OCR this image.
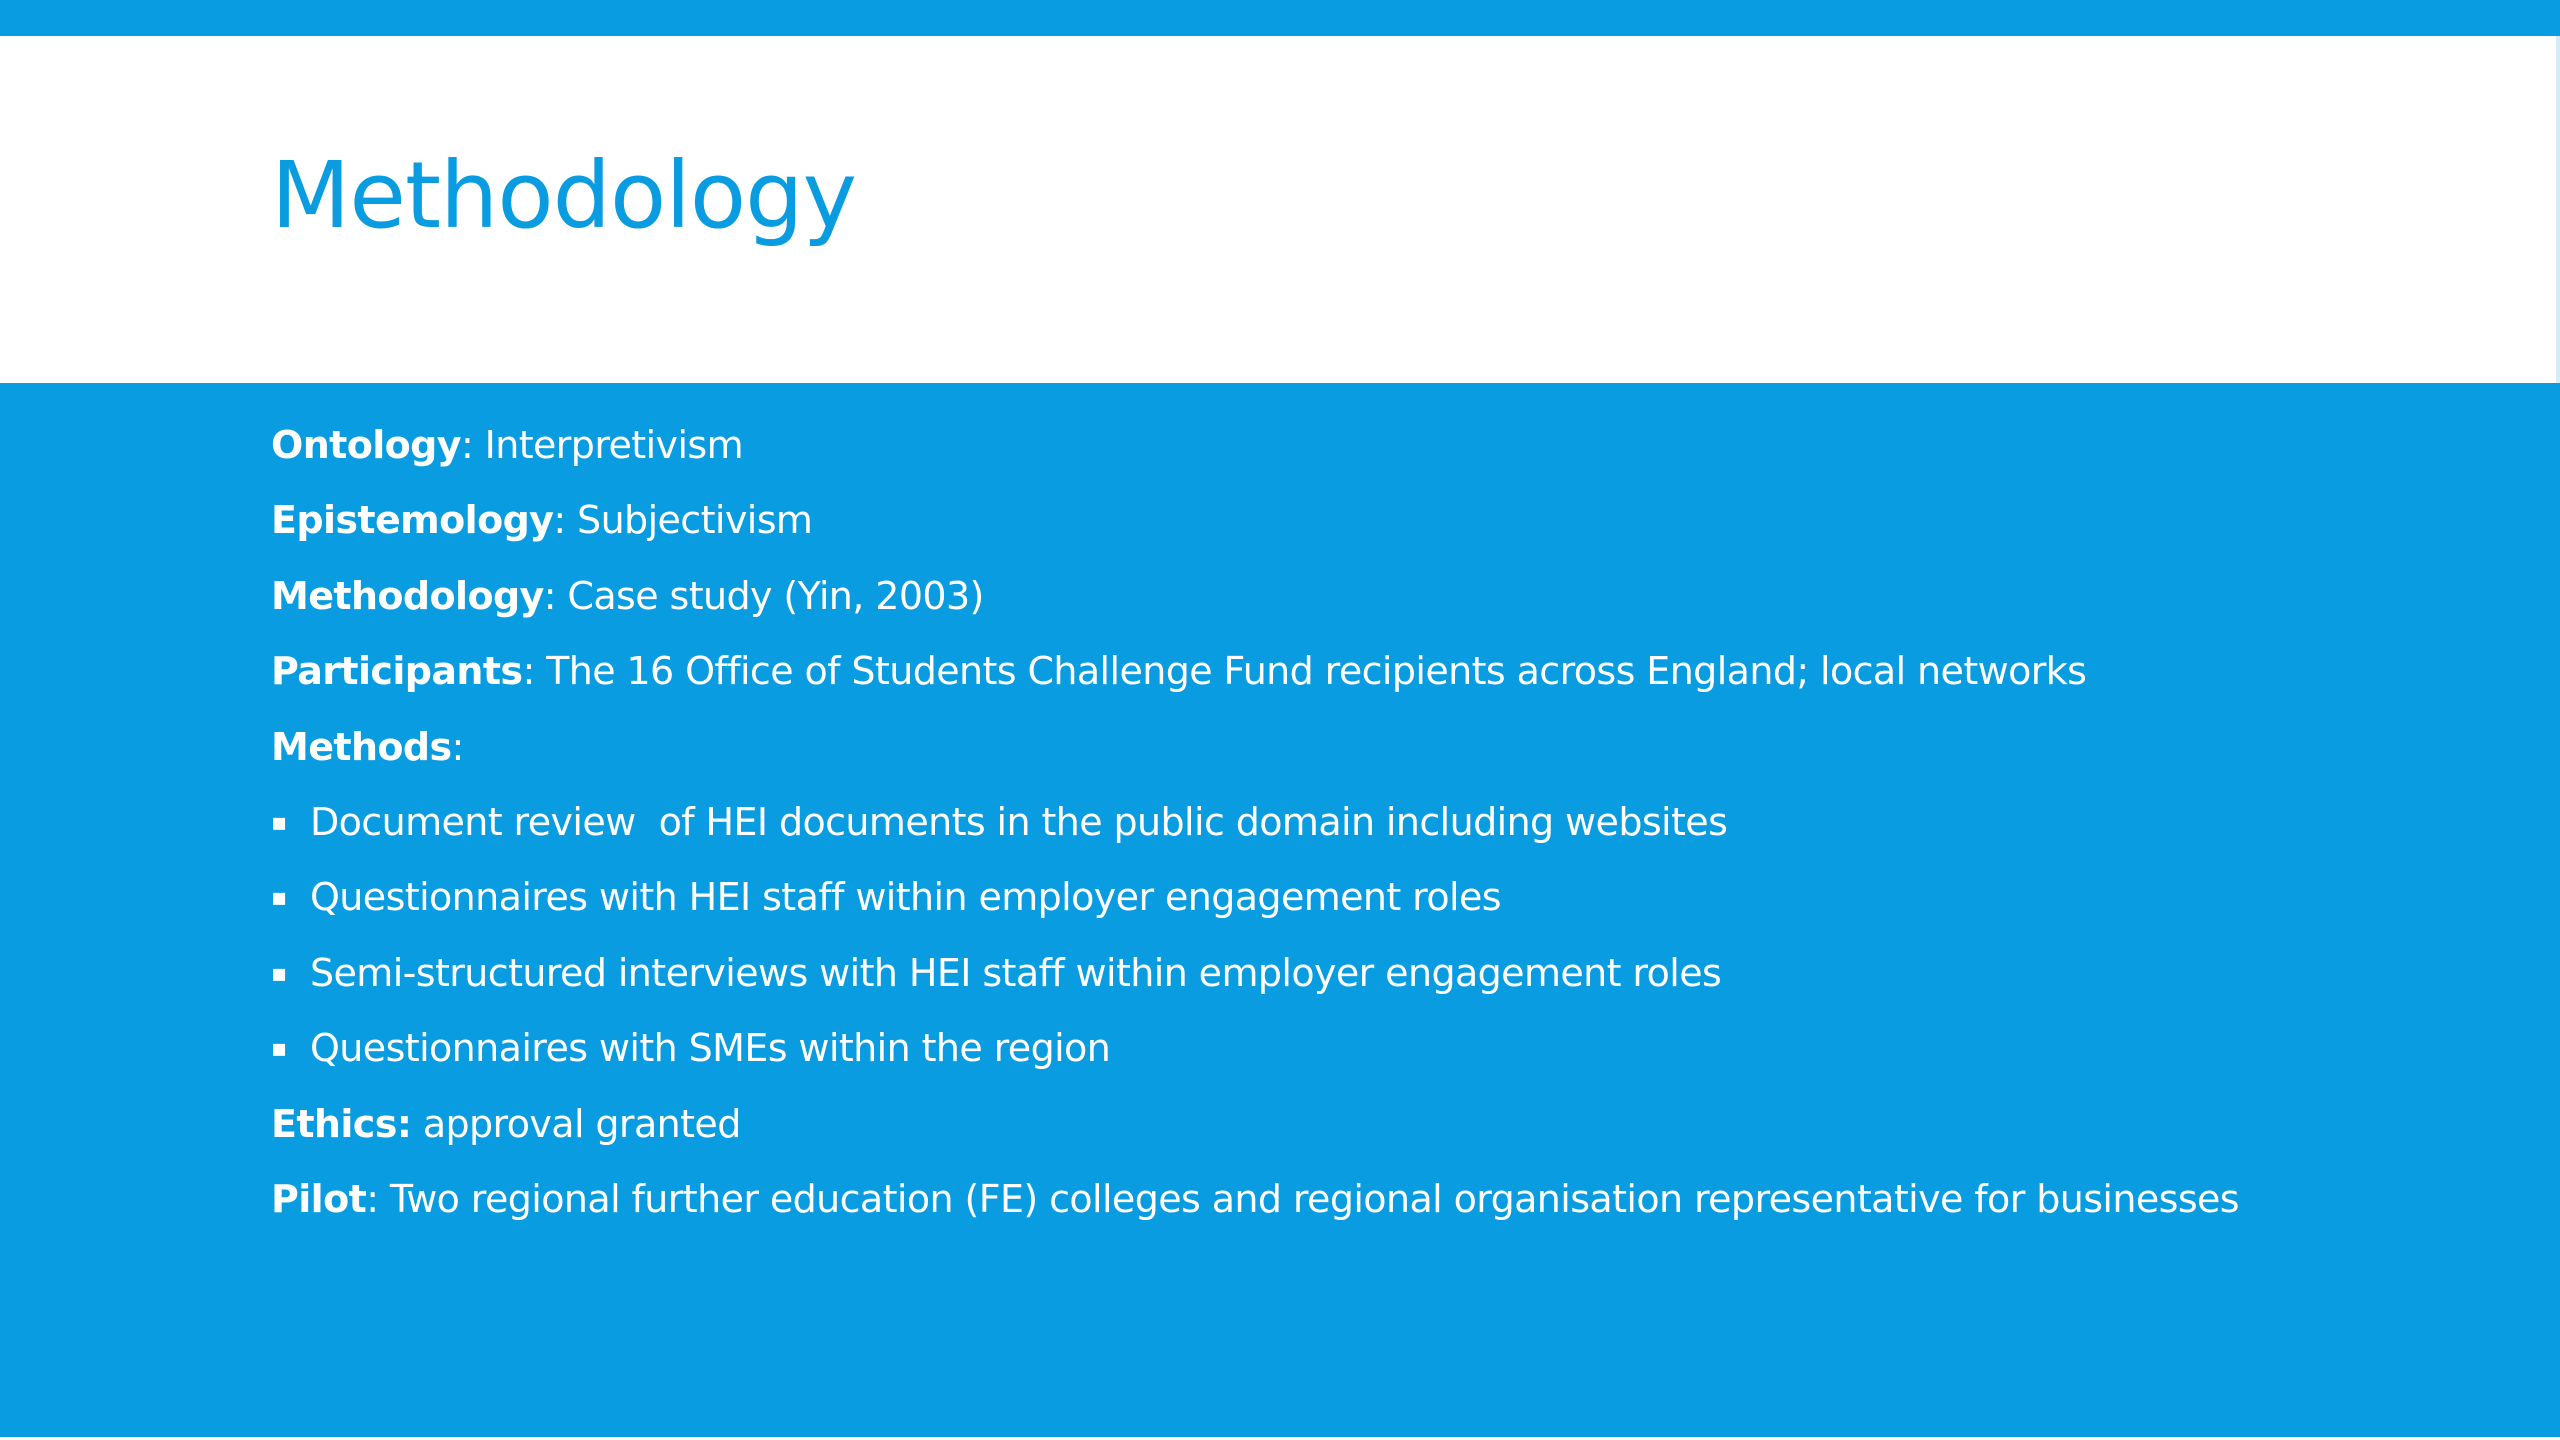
Methodology
Ontology : Interpretivism
Epistemology : Subjectivism
Methodology : Case study (Yin, 2003)
Participants : The 16 Office of Students Challenge Fund recipients across England; local networks
Methods :
▪ Document review  of HEI documents in the public domain including websites
▪ Questionnaires with HEI staff within employer engagement roles
▪ Semi-structured interviews with HEI staff within employer engagement roles
▪ Questionnaires with SMEs within the region
Ethics: approval granted
Pilot : Two regional further education (FE) colleges and regional organisation representative for businesses
